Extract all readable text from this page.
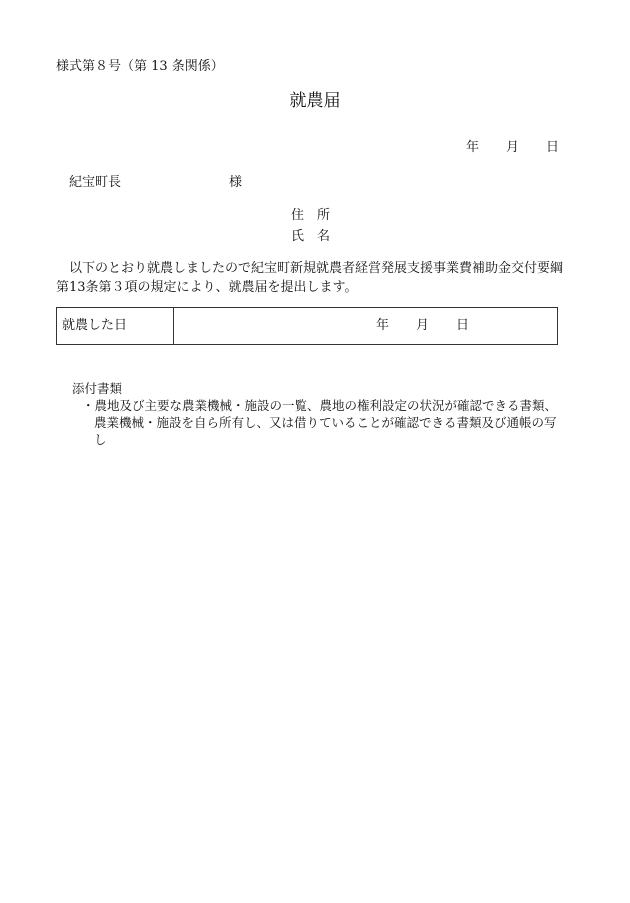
様式第８号（第 13 条関係）
就農届
年 月 日
紀宝町長	様
住 所
氏 名
以下のとおり就農しましたので紀宝町新規就農者経営発展支援事業費補助金交付要綱第13条第３項の規定により、就農届を提出します。
就農した日	年 月 日
添付書類
・農地及び主要な農業機械・施設の一覧、農地の権利設定の状況が確認できる書類、農業機械・施設を自ら所有し、又は借りていることが確認できる書類及び通帳の写し
